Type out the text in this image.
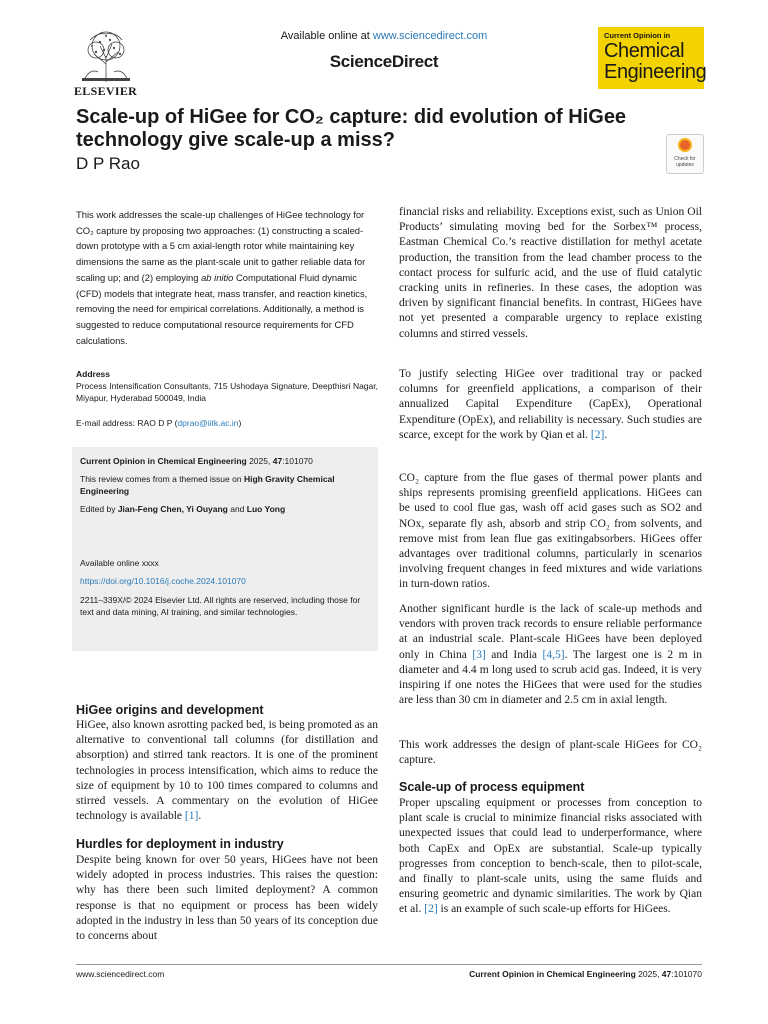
Available online at www.sciencedirect.com
ScienceDirect
ELSEVIER
Current Opinion in
Chemical
Engineering
Scale-up of HiGee for CO₂ capture: did evolution of HiGee technology give scale-up a miss?
D P Rao	Check for updates
This work addresses the scale-up challenges of HiGee technology for CO₂ capture by proposing two approaches: (1) constructing a scaled-down prototype with a 5 cm axial-length rotor while maintaining key dimensions the same as the plant-scale unit to gather reliable data for scaling up; and (2) employing ab initio Computational Fluid dynamic (CFD) models that integrate heat, mass transfer, and reaction kinetics, removing the need for empirical correlations. Additionally, a method is suggested to reduce computational resource requirements for CFD calculations.
Address
Process Intensification Consultants, 715 Ushodaya Signature, Deepthisri Nagar, Miyapur, Hyderabad 500049, India
E-mail address: RAO D P (dprao@iitk.ac.in)
Current Opinion in Chemical Engineering 2025, 47:101070
This review comes from a themed issue on High Gravity Chemical Engineering
Edited by Jian-Feng Chen, Yi Ouyang and Luo Yong
Available online xxxx
https://doi.org/10.1016/j.coche.2024.101070
2211–339X/© 2024 Elsevier Ltd. All rights are reserved, including those for text and data mining, AI training, and similar technologies.
HiGee origins and development
HiGee, also known asrotting packed bed, is being promoted as an alternative to conventional tall columns (for distillation and absorption) and stirred tank reactors. It is one of the prominent technologies in process intensification, which aims to reduce the size of equipment by 10 to 100 times compared to columns and stirred vessels. A commentary on the evolution of HiGee technology is available [1].
Hurdles for deployment in industry
Despite being known for over 50 years, HiGees have not been widely adopted in process industries. This raises the question: why has there been such limited deployment? A common response is that no equipment or process has been widely adopted in the industry in less than 50 years of its conception due to concerns about
financial risks and reliability. Exceptions exist, such as Union Oil Products’ simulating moving bed for the Sorbex™ process, Eastman Chemical Co.’s reactive distillation for methyl acetate production, the transition from the lead chamber process to the contact process for sulfuric acid, and the use of fluid catalytic cracking units in refineries. In these cases, the adoption was driven by significant financial benefits. In contrast, HiGees have not yet presented a comparable urgency to replace existing columns and stirred vessels.
To justify selecting HiGee over traditional tray or packed columns for greenfield applications, a comparison of their annualized Capital Expenditure (CapEx), Operational Expenditure (OpEx), and reliability is necessary. Such studies are scarce, except for the work by Qian et al. [2].
CO₂ capture from the flue gases of thermal power plants and ships represents promising greenfield applications. HiGees can be used to cool flue gas, wash off acid gases such as SO2 and NOx, separate fly ash, absorb and strip CO₂ from solvents, and remove mist from lean flue gas exitingabsorbers. HiGees offer advantages over traditional columns, particularly in scenarios involving frequent changes in feed mixtures and wide variations in turn-down ratios.
Another significant hurdle is the lack of scale-up methods and vendors with proven track records to ensure reliable performance at an industrial scale. Plant-scale HiGees have been deployed only in China [3] and India [4,5]. The largest one is 2 m in diameter and 4.4 m long used to scrub acid gas. Indeed, it is very inspiring if one notes the HiGees that were used for the studies are less than 30 cm in diameter and 2.5 cm in axial length.
This work addresses the design of plant-scale HiGees for CO₂ capture.
Scale-up of process equipment
Proper upscaling equipment or processes from conception to plant scale is crucial to minimize financial risks associated with unexpected issues that could lead to underperformance, where both CapEx and OpEx are substantial. Scale-up typically progresses from conception to bench-scale, then to pilot-scale, and finally to plant-scale units, using the same fluids and ensuring geometric and dynamic similarities. The work by Qian et al. [2] is an example of such scale-up efforts for HiGees.
www.sciencedirect.com	Current Opinion in Chemical Engineering 2025, 47:101070
